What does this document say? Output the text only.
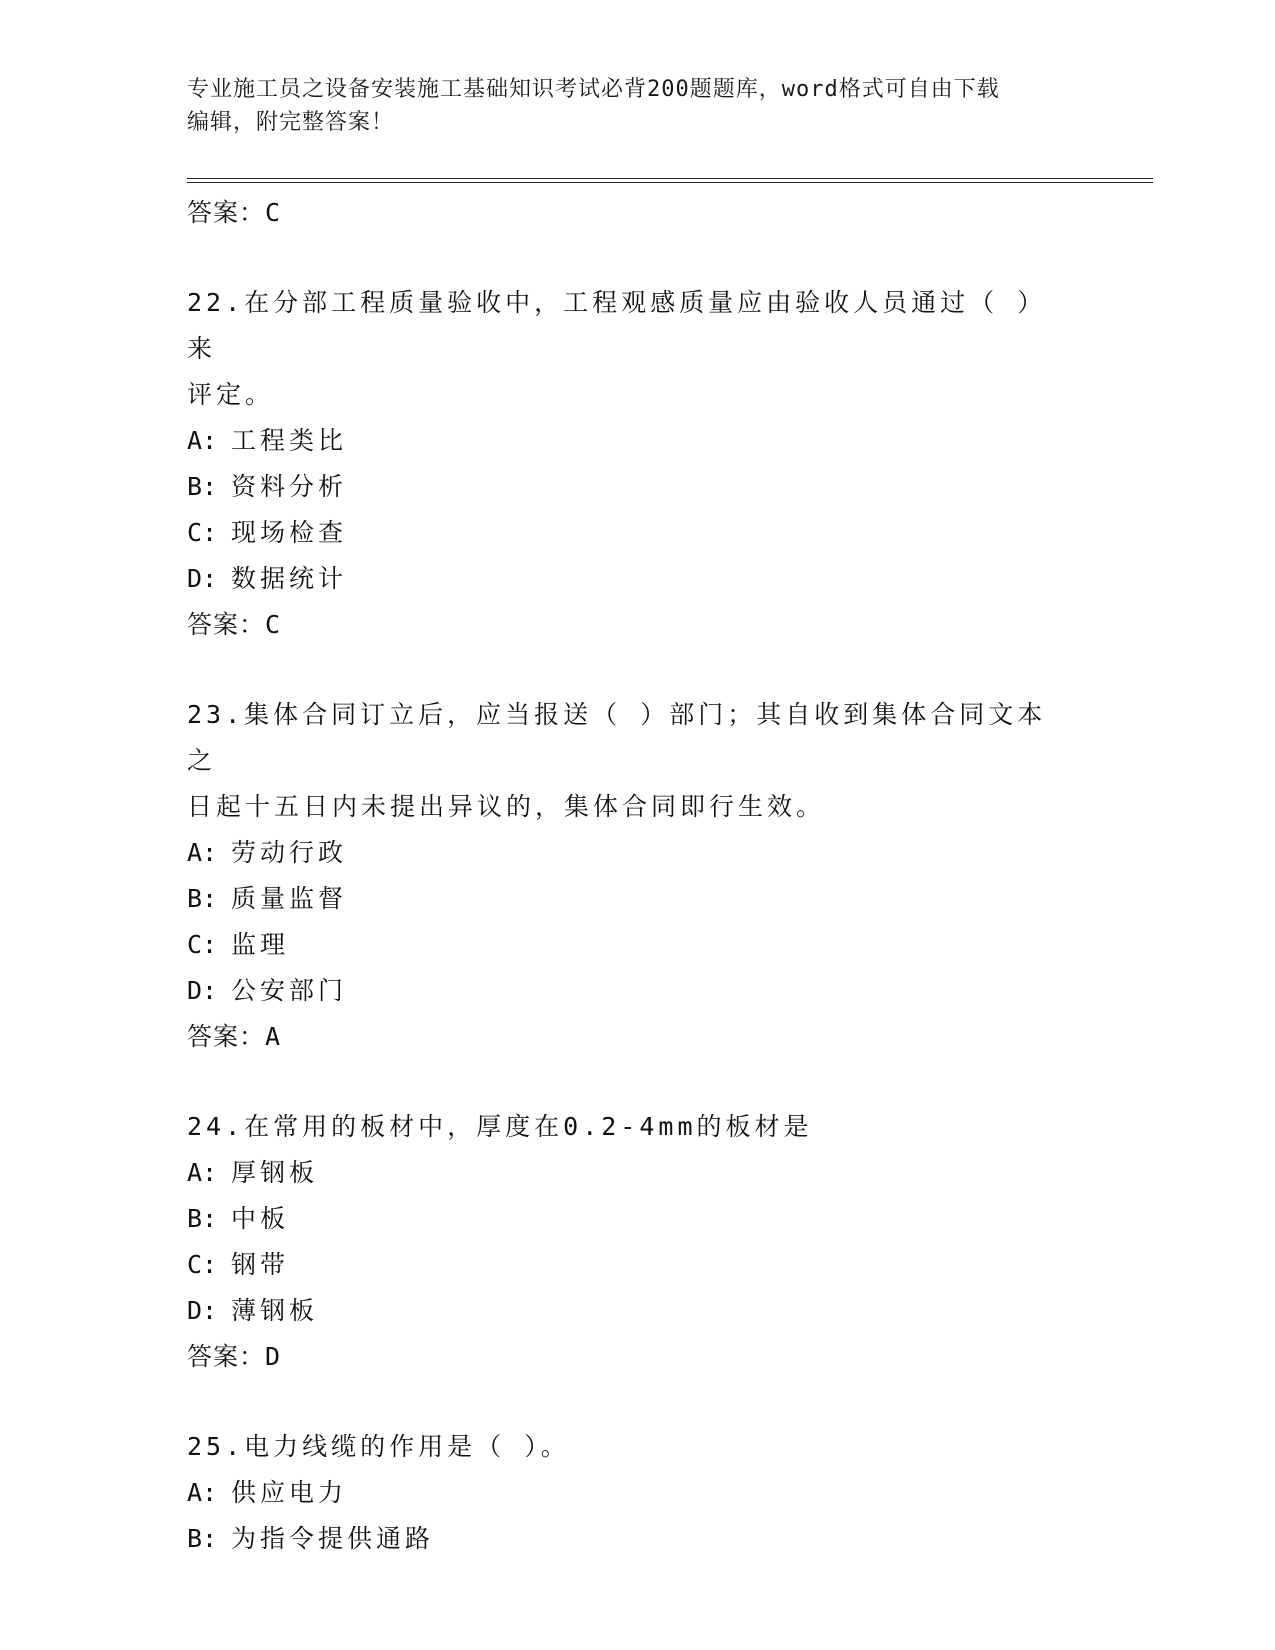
专业施工员之设备安装施工基础知识考试必背200题题库，word格式可自由下载
编辑，附完整答案！
答案：C
22.在分部工程质量验收中，工程观感质量应由验收人员通过（ ）来
评定。
A: 工程类比
B: 资料分析
C: 现场检查
D: 数据统计
答案：C
23.集体合同订立后，应当报送（ ）部门；其自收到集体合同文本之
日起十五日内未提出异议的，集体合同即行生效。
A: 劳动行政
B: 质量监督
C: 监理
D: 公安部门
答案：A
24.在常用的板材中，厚度在0.2-4mm的板材是
A: 厚钢板
B: 中板
C: 钢带
D: 薄钢板
答案：D
25.电力线缆的作用是（ ）。
A: 供应电力
B: 为指令提供通路
